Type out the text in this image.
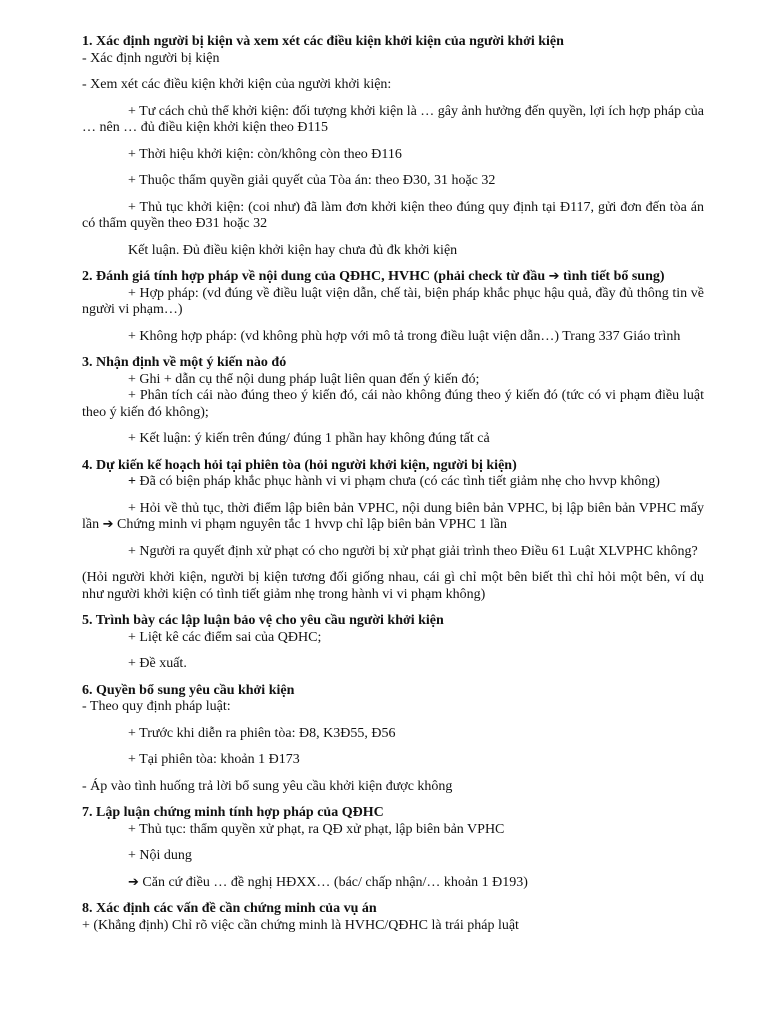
1. Xác định người bị kiện và xem xét các điều kiện khởi kiện của người khởi kiện
- Xác định người bị kiện
- Xem xét các điều kiện khởi kiện của người khởi kiện:
+ Tư cách chủ thể khởi kiện: đối tượng khởi kiện là … gây ảnh hưởng đến quyền, lợi ích hợp pháp của … nên … đủ điều kiện khởi kiện theo Đ115
+ Thời hiệu khởi kiện: còn/không còn theo Đ116
+ Thuộc thẩm quyền giải quyết của Tòa án: theo Đ30, 31 hoặc 32
+ Thủ tục khởi kiện: (coi như) đã làm đơn khởi kiện theo đúng quy định tại Đ117, gửi đơn đến tòa án có thẩm quyền theo Đ31 hoặc 32
Kết luận. Đủ điều kiện khởi kiện hay chưa đủ đk khởi kiện
2. Đánh giá tính hợp pháp về nội dung của QĐHC, HVHC (phải check từ đầu ➔ tình tiết bổ sung)
+ Hợp pháp: (vd đúng về điều luật viện dẫn, chế tài, biện pháp khắc phục hậu quả, đầy đủ thông tin về người vi phạm…)
+ Không hợp pháp: (vd không phù hợp với mô tả trong điều luật viện dẫn…) Trang 337 Giáo trình
3. Nhận định về một ý kiến nào đó
+ Ghi + dẫn cụ thể nội dung pháp luật liên quan đến ý kiến đó;
+ Phân tích cái nào đúng theo ý kiến đó, cái nào không đúng theo ý kiến đó (tức có vi phạm điều luật theo ý kiến đó không);
+ Kết luận: ý kiến trên đúng/ đúng 1 phần hay không đúng tất cả
4. Dự kiến kế hoạch hỏi tại phiên tòa (hỏi người khởi kiện, người bị kiện)
+ Đã có biện pháp khắc phục hành vi vi phạm chưa (có các tình tiết giảm nhẹ cho hvvp không)
+ Hỏi về thủ tục, thời điểm lập biên bản VPHC, nội dung biên bản VPHC, bị lập biên bản VPHC mấy lần ➔ Chứng minh vi phạm nguyên tắc 1 hvvp chỉ lập biên bản VPHC 1 lần
+ Người ra quyết định xử phạt có cho người bị xử phạt giải trình theo Điều 61 Luật XLVPHC không?
(Hỏi người khởi kiện, người bị kiện tương đối giống nhau, cái gì chỉ một bên biết thì chỉ hỏi một bên, ví dụ như người khởi kiện có tình tiết giảm nhẹ trong hành vi vi phạm không)
5. Trình bày các lập luận bảo vệ cho yêu cầu người khởi kiện
+ Liệt kê các điểm sai của QĐHC;
+ Đề xuất.
6. Quyền bổ sung yêu cầu khởi kiện
- Theo quy định pháp luật:
+ Trước khi diễn ra phiên tòa: Đ8, K3Đ55, Đ56
+ Tại phiên tòa: khoản 1 Đ173
- Áp vào tình huống trả lời bổ sung yêu cầu khởi kiện được không
7. Lập luận chứng minh tính hợp pháp của QĐHC
+ Thủ tục: thẩm quyền xử phạt, ra QĐ xử phạt, lập biên bản VPHC
+ Nội dung
➔ Căn cứ điều … đề nghị HĐXX… (bác/ chấp nhận/… khoản 1 Đ193)
8. Xác định các vấn đề cần chứng minh của vụ án
+ (Khẳng định) Chỉ rõ việc cần chứng minh là HVHC/QĐHC là trái pháp luật
